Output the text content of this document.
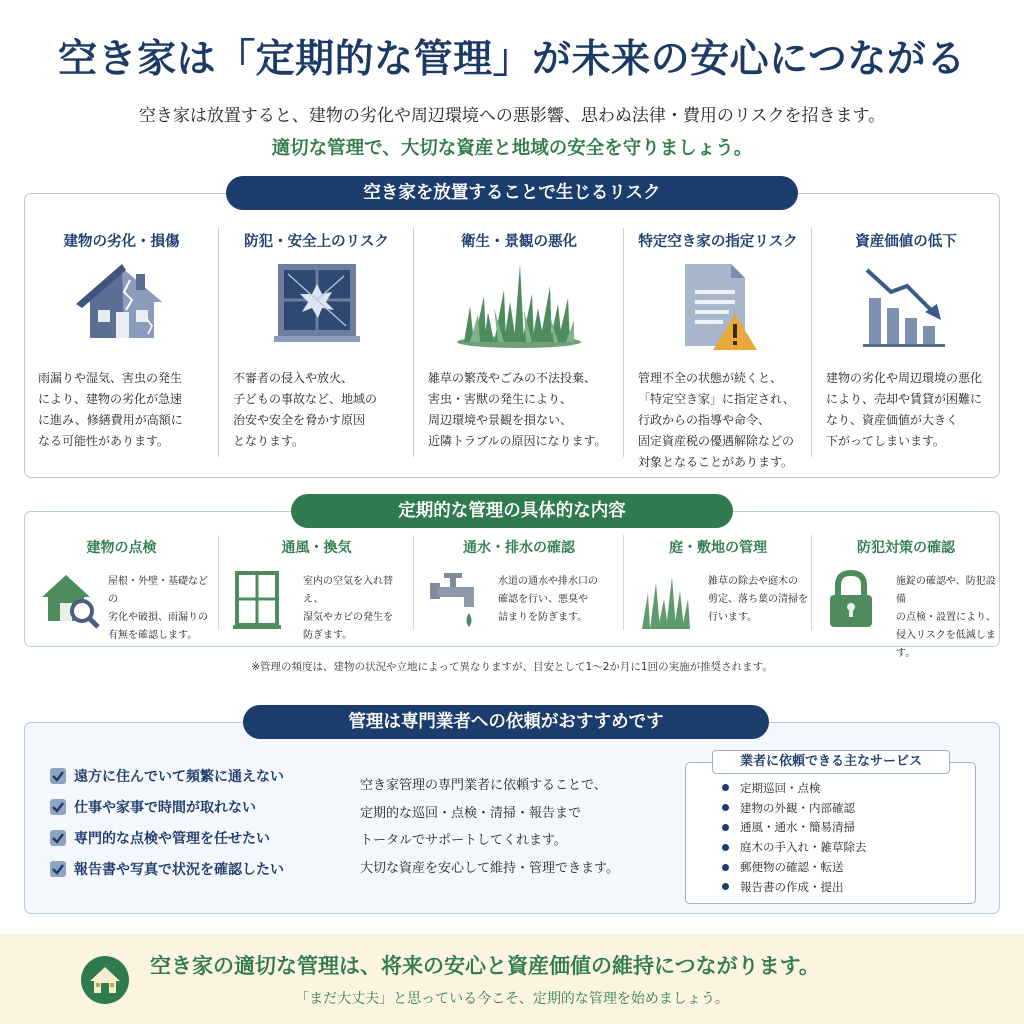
空き家は「定期的な管理」が未来の安心につながる
空き家は放置すると、建物の劣化や周辺環境への悪影響、思わぬ法律・費用のリスクを招きます。
適切な管理で、大切な資産と地域の安全を守りましょう。
空き家を放置することで生じるリスク
建物の劣化・損傷
雨漏りや湿気、害虫の発生
により、建物の劣化が急速
に進み、修繕費用が高額に
なる可能性があります。
防犯・安全上のリスク
不審者の侵入や放火、
子どもの事故など、地域の
治安や安全を脅かす原因
となります。
衛生・景観の悪化
雑草の繁茂やごみの不法投棄、
害虫・害獣の発生により、
周辺環境や景観を損ない、
近隣トラブルの原因になります。
特定空き家の指定リスク
管理不全の状態が続くと、
「特定空き家」に指定され、
行政からの指導や命令、
固定資産税の優遇解除などの
対象となることがあります。
資産価値の低下
建物の劣化や周辺環境の悪化
により、売却や賃貸が困難に
なり、資産価値が大きく
下がってしまいます。
定期的な管理の具体的な内容
建物の点検
屋根・外壁・基礎などの
劣化や破損、雨漏りの
有無を確認します。
通風・換気
室内の空気を入れ替え、
湿気やカビの発生を
防ぎます。
通水・排水の確認
水道の通水や排水口の
確認を行い、悪臭や
詰まりを防ぎます。
庭・敷地の管理
雑草の除去や庭木の
剪定、落ち葉の清掃を
行います。
防犯対策の確認
施錠の確認や、防犯設備
の点検・設置により、
侵入リスクを低減します。
※管理の頻度は、建物の状況や立地によって異なりますが、目安として1〜2か月に1回の実施が推奨されます。
管理は専門業者への依頼がおすすめです
遠方に住んでいて頻繁に通えない
仕事や家事で時間が取れない
専門的な点検や管理を任せたい
報告書や写真で状況を確認したい
空き家管理の専門業者に依頼することで、
定期的な巡回・点検・清掃・報告まで
トータルでサポートしてくれます。
大切な資産を安心して維持・管理できます。
業者に依頼できる主なサービス
定期巡回・点検
建物の外観・内部確認
通風・通水・簡易清掃
庭木の手入れ・雑草除去
郵便物の確認・転送
報告書の作成・提出
空き家の適切な管理は、将来の安心と資産価値の維持につながります。
「まだ大丈夫」と思っている今こそ、定期的な管理を始めましょう。
